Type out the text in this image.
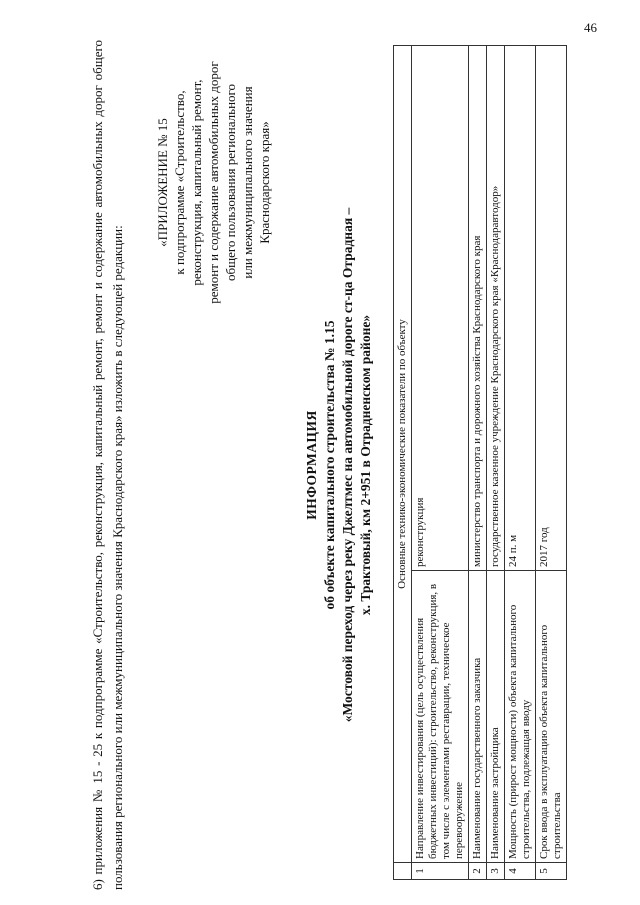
46
6) приложения № 15 - 25 к подпрограмме «Строительство, реконструкция, капитальный ремонт, ремонт и содержание автомобильных дорог общего пользования регионального или межмуниципального значения Краснодарского края» изложить в следующей редакции:

«ПРИЛОЖЕНИЕ № 15 к подпрограмме «Строительство, реконструкция, капитальный ремонт, ремонт и содержание автомобильных дорог общего пользования регионального или межмуниципального значения Краснодарского края»

ИНФОРМАЦИЯ об объекте капитального строительства № 1.15 «Мостовой переход через реку Джелтмес на автомобильной дороге ст-ца Отрадная – х. Трактовый, км 2+951 в Отрадненском районе»

	Основные технико-экономические показатели по объекту	
1	Направление инвестирования (цель осуществления бюджетных инвестиций): строительство, реконструкция, в том числе с элементами реставрации, техническое перевооружение	реконструкция
2	Наименование государственного заказчика	министерство транспорта и дорожного хозяйства Краснодарского края
3	Наименование застройщика	государственное казенное учреждение Краснодарского края «Краснодаравтодор»
4	Мощность (прирост мощности) объекта капитального строительства, подлежащая вводу	24 п. м
5	Срок ввода в эксплуатацию объекта капитального строительства	2017 год
